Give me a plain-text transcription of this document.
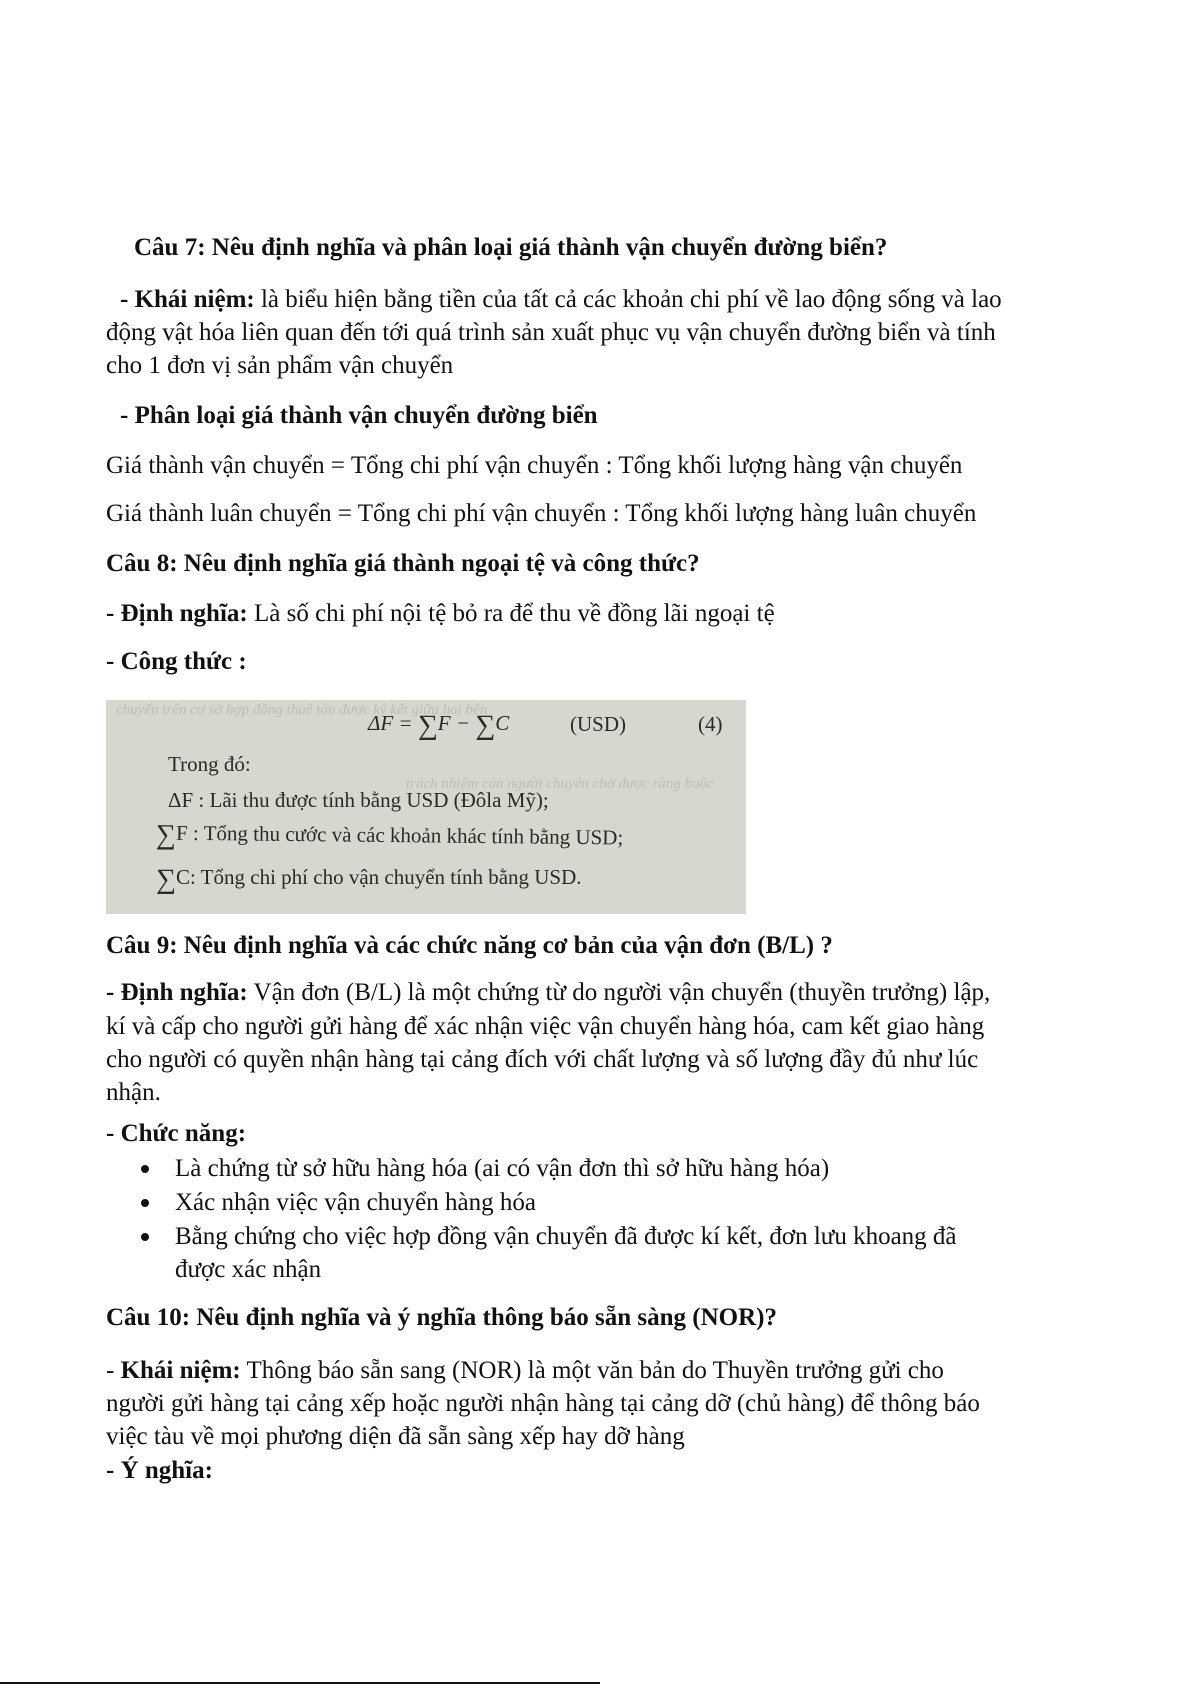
Câu 7: Nêu định nghĩa và phân loại giá thành vận chuyển đường biển?
- Khái niệm: là biểu hiện bằng tiền của tất cả các khoản chi phí về lao động sống và lao
động vật hóa liên quan đến tới quá trình sản xuất phục vụ vận chuyển đường biển và tính
cho 1 đơn vị sản phẩm vận chuyển
- Phân loại giá thành vận chuyển đường biển
Giá thành vận chuyển = Tổng chi phí vận chuyển : Tổng khối lượng hàng vận chuyển
Giá thành luân chuyển = Tổng chi phí vận chuyển : Tổng khối lượng hàng luân chuyển
Câu 8: Nêu định nghĩa giá thành ngoại tệ và công thức?
- Định nghĩa: Là số chi phí nội tệ bỏ ra để thu về đồng lãi ngoại tệ
- Công thức :
chuyển trên cơ sở hợp đồng thuê tàu được ký kết giữa hai bên
trách nhiệm của người chuyên chở được ràng buộc
ΔF = ∑F − ∑C	(USD)	(4)
Trong đó:
ΔF : Lãi thu được tính bằng USD (Đôla Mỹ);
∑F : Tổng thu cước và các khoản khác tính bằng USD;
∑C: Tổng chi phí cho vận chuyển tính bằng USD.
Câu 9: Nêu định nghĩa và các chức năng cơ bản của vận đơn (B/L) ?
- Định nghĩa: Vận đơn (B/L) là một chứng từ do người vận chuyển (thuyền trưởng) lập,
kí và cấp cho người gửi hàng để xác nhận việc vận chuyển hàng hóa, cam kết giao hàng
cho người có quyền nhận hàng tại cảng đích với chất lượng và số lượng đầy đủ như lúc
nhận.
- Chức năng:
Là chứng từ sở hữu hàng hóa (ai có vận đơn thì sở hữu hàng hóa)
Xác nhận việc vận chuyển hàng hóa
Bằng chứng cho việc hợp đồng vận chuyển đã được kí kết, đơn lưu khoang đã
được xác nhận
Câu 10: Nêu định nghĩa và ý nghĩa thông báo sẵn sàng (NOR)?
- Khái niệm: Thông báo sẵn sang (NOR) là một văn bản do Thuyền trưởng gửi cho
người gửi hàng tại cảng xếp hoặc người nhận hàng tại cảng dỡ (chủ hàng) để thông báo
việc tàu về mọi phương diện đã sẵn sàng xếp hay dỡ hàng
- Ý nghĩa:
